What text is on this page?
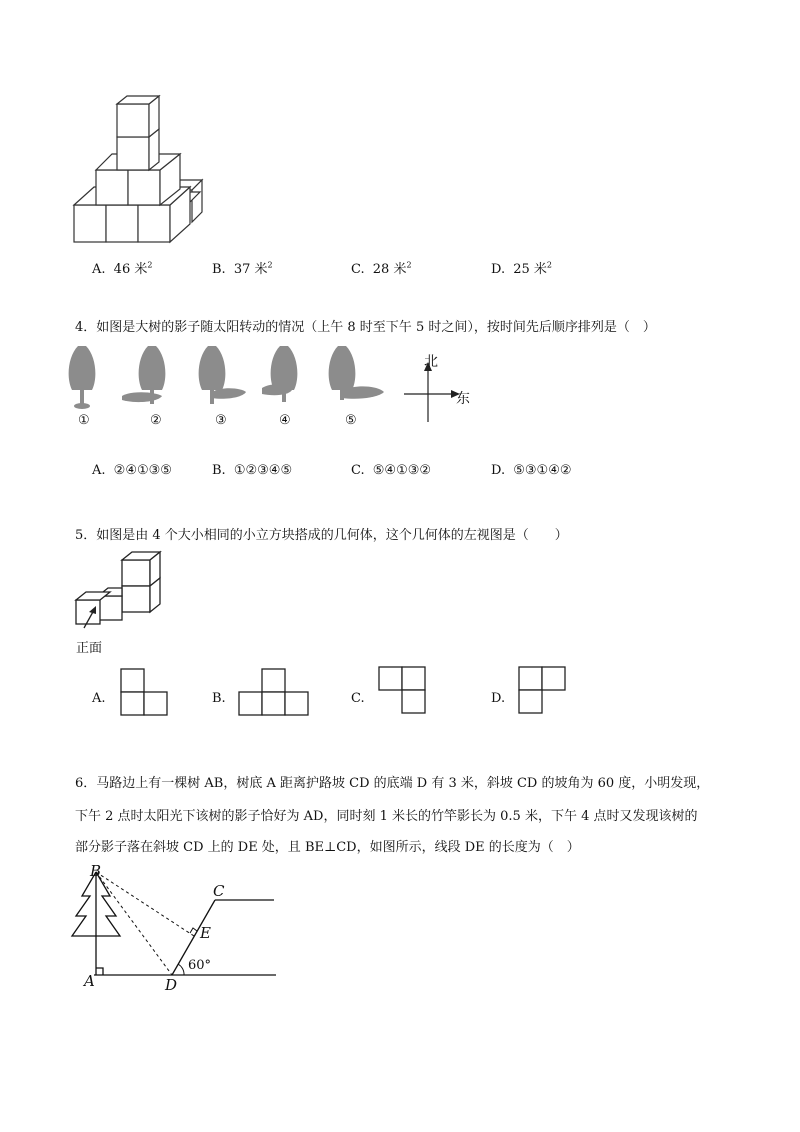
A. 46 米$^2$	B. 37 米$^2$	C. 28 米$^2$	D. 25 米$^2$
4．如图是大树的影子随太阳转动的情况（上午 8 时至下午 5 时之间），按时间先后顺序排列是（　）
北
东
①	②	③	④	⑤
A. ②④①③⑤	B. ①②③④⑤	C. ⑤④①③②	D. ⑤③①④②
5．如图是由 4 个大小相同的小立方块搭成的几何体，这个几何体的左视图是（　　）
正面
A.	B.	C.	D.
6．马路边上有一棵树 AB，树底 A 距离护路坡 CD 的底端 D 有 3 米，斜坡 CD 的坡角为 60 度，小明发现，
下午 2 点时太阳光下该树的影子恰好为 AD，同时刻 1 米长的竹竿影长为 0.5 米，下午 4 点时又发现该树的
部分影子落在斜坡 CD 上的 DE 处，且 BE⊥CD，如图所示，线段 DE 的长度为（　）
B
C
E
A	D
60°
